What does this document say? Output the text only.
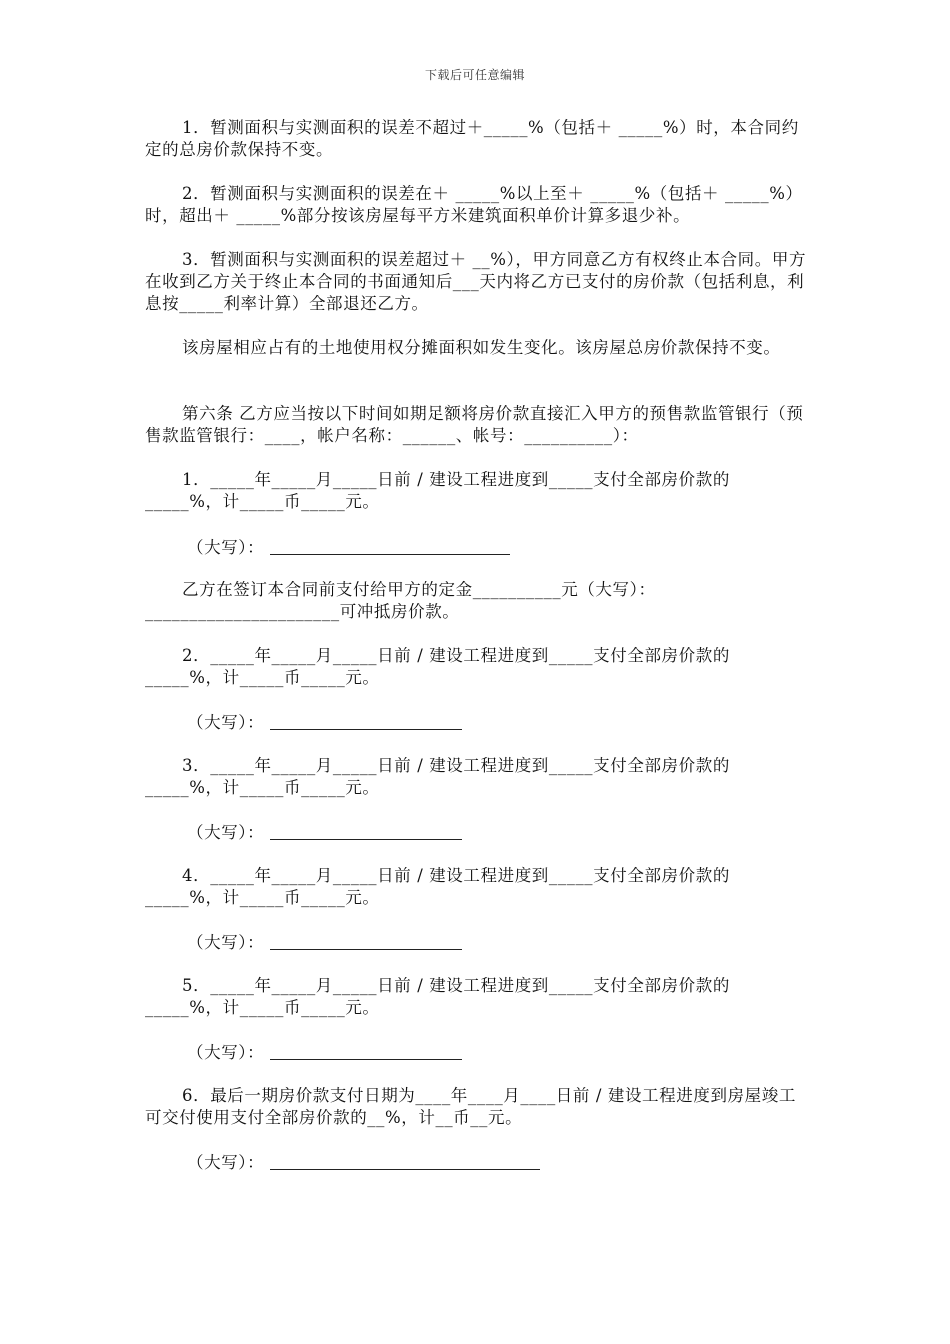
下载后可任意编辑

1．暂测面积与实测面积的误差不超过＋_____%（包括＋ _____%）时，本合同约定的总房价款保持不变。

2．暂测面积与实测面积的误差在＋ _____%以上至＋ _____%（包括＋ _____%）时，超出＋ _____%部分按该房屋每平方米建筑面积单价计算多退少补。

3．暂测面积与实测面积的误差超过＋ __%），甲方同意乙方有权终止本合同。甲方在收到乙方关于终止本合同的书面通知后___天内将乙方已支付的房价款（包括利息，利息按_____利率计算）全部退还乙方。

该房屋相应占有的土地使用权分摊面积如发生变化。该房屋总房价款保持不变。

第六条 乙方应当按以下时间如期足额将房价款直接汇入甲方的预售款监管银行（预售款监管银行：____，帐户名称：______、帐号：__________）：

1．_____年_____月_____日前 / 建设工程进度到_____支付全部房价款的_____%，计_____币_____元。

（大写）：

乙方在签订本合同前支付给甲方的定金__________元（大写）：______________________可冲抵房价款。

2．_____年_____月_____日前 / 建设工程进度到_____支付全部房价款的_____%，计_____币_____元。

（大写）：

3．_____年_____月_____日前 / 建设工程进度到_____支付全部房价款的_____%，计_____币_____元。

（大写）：

4．_____年_____月_____日前 / 建设工程进度到_____支付全部房价款的_____%，计_____币_____元。

（大写）：

5．_____年_____月_____日前 / 建设工程进度到_____支付全部房价款的_____%，计_____币_____元。

（大写）：

6．最后一期房价款支付日期为____年____月____日前 / 建设工程进度到房屋竣工可交付使用支付全部房价款的__%，计__币__元。

（大写）：
